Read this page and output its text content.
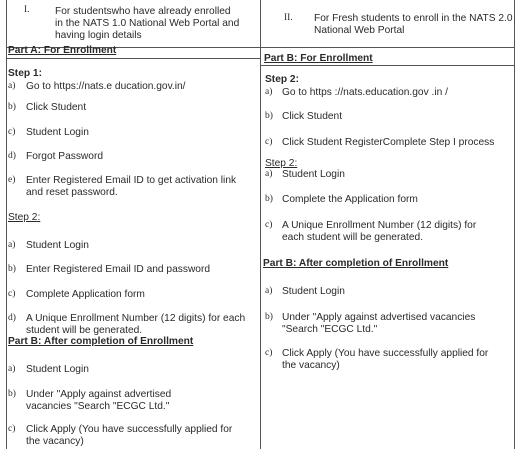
I. For studentswho have already enrolled
in the NATS 1.0 National Web Portal and
having login details
Part A: For Enrollment
Step 1:
a) Go to https://nats.e ducation.gov.in/
b) Click Student
c) Student Login
d) Forgot Password
e) Enter Registered Email ID to get activation link
and reset password.
Step 2:
a) Student Login
b) Enter Registered Email ID and password
c) Complete Application form
d) A Unique Enrollment Number (12 digits) for each
student will be generated.
Part B: After completion of Enrollment
a) Student Login
b) Under "Apply against advertised
vacancies "Search "ECGC Ltd."
c) Click Apply (You have successfully applied for
the vacancy)
II. For Fresh students to enroll in the NATS 2.0
National Web Portal
Part B: For Enrollment
Step 2:
a) Go to https ://nats.education.gov .in /
b) Click Student
c) Click Student RegisterComplete Step I process
Step 2:
a) Student Login
b) Complete the Application form
c) A Unique Enrollment Number (12 digits) for
each student will be generated.
Part B: After completion of Enrollment
a) Student Login
b) Under "Apply against advertised vacancies
"Search "ECGC Ltd."
c) Click Apply (You have successfully applied for
the vacancy)
